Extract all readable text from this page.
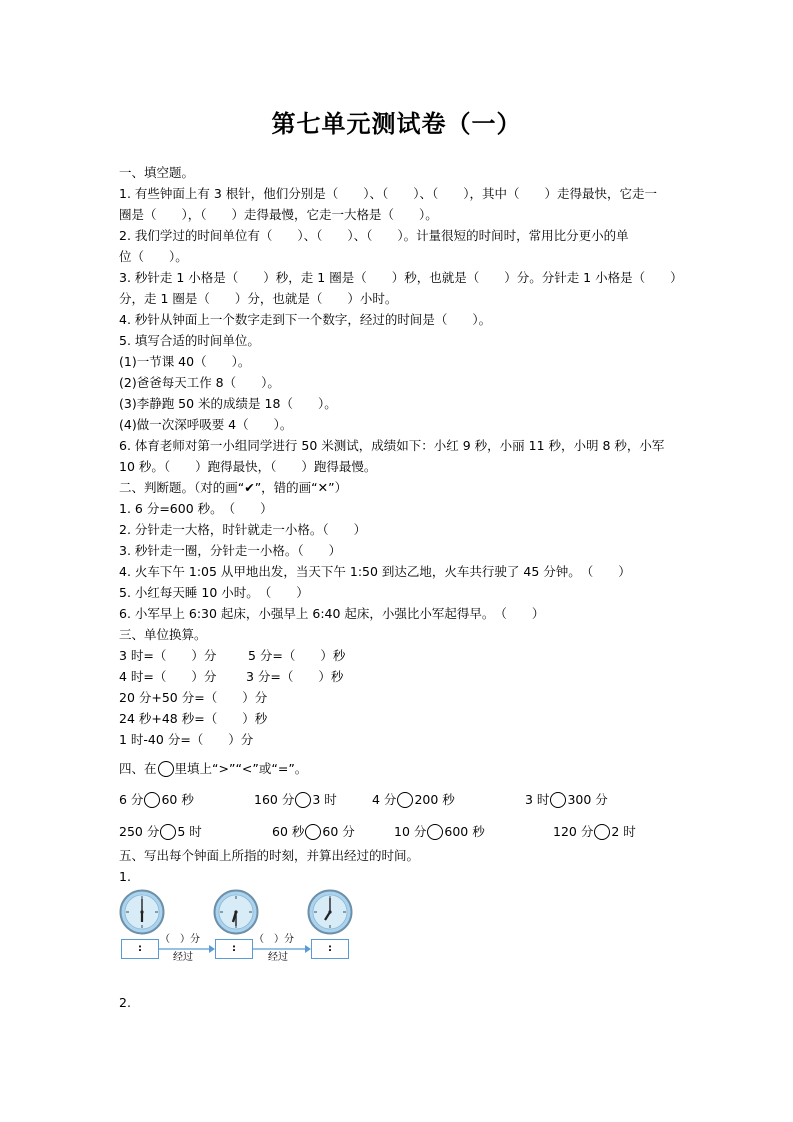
第七单元测试卷（一）
一、填空题。
1. 有些钟面上有 3 根针，他们分别是（　　）、（　　）、（　　），其中（　　）走得最快，它走一
圈是（　　），（　　）走得最慢，它走一大格是（　　）。
2. 我们学过的时间单位有（　　）、（　　）、（　　）。计量很短的时间时，常用比分更小的单
位（　　）。
3. 秒针走 1 小格是（　　）秒，走 1 圈是（　　）秒，也就是（　　）分。分针走 1 小格是（　　）
分，走 1 圈是（　　）分，也就是（　　）小时。
4. 秒针从钟面上一个数字走到下一个数字，经过的时间是（　　）。
5. 填写合适的时间单位。
(1)一节课 40（　　）。
(2)爸爸每天工作 8（　　）。
(3)李静跑 50 米的成绩是 18（　　）。
(4)做一次深呼吸要 4（　　）。
6. 体育老师对第一小组同学进行 50 米测试，成绩如下：小红 9 秒，小丽 11 秒，小明 8 秒，小军
10 秒。（　　）跑得最快，（　　）跑得最慢。
二、判断题。（对的画“✔”，错的画“✕”）
1. 6 分=600 秒。　（　　）
2. 分针走一大格，时针就走一小格。（　　）
3. 秒针走一圈，分针走一小格。（　　）
4. 火车下午 1:05 从甲地出发，当天下午 1:50 到达乙地，火车共行驶了 45 分钟。　（　　）
5. 小红每天睡 10 小时。　（　　）
6. 小军早上 6:30 起床，小强早上 6:40 起床，小强比小军起得早。　（　　）
三、单位换算。
3 时=（　　）分	5 分=（　　）秒
4 时=（　　）分 3 分=（　　）秒
20 分+50 分=（　　）分
24 秒+48 秒=（　　）秒
1 时-40 分=（　　）分
四、在 里填上“>”“<”或“=”。
6 分 60 秒	160 分 3 时	4 分 200 秒	3 时 300 分
250 分 5 时	60 秒 60 分	10 分 600 秒	120 分 2 时
五、写出每个钟面上所指的时刻，并算出经过的时间。
1.
:	:	:
（　）分	（　）分
经过	经过
2.
